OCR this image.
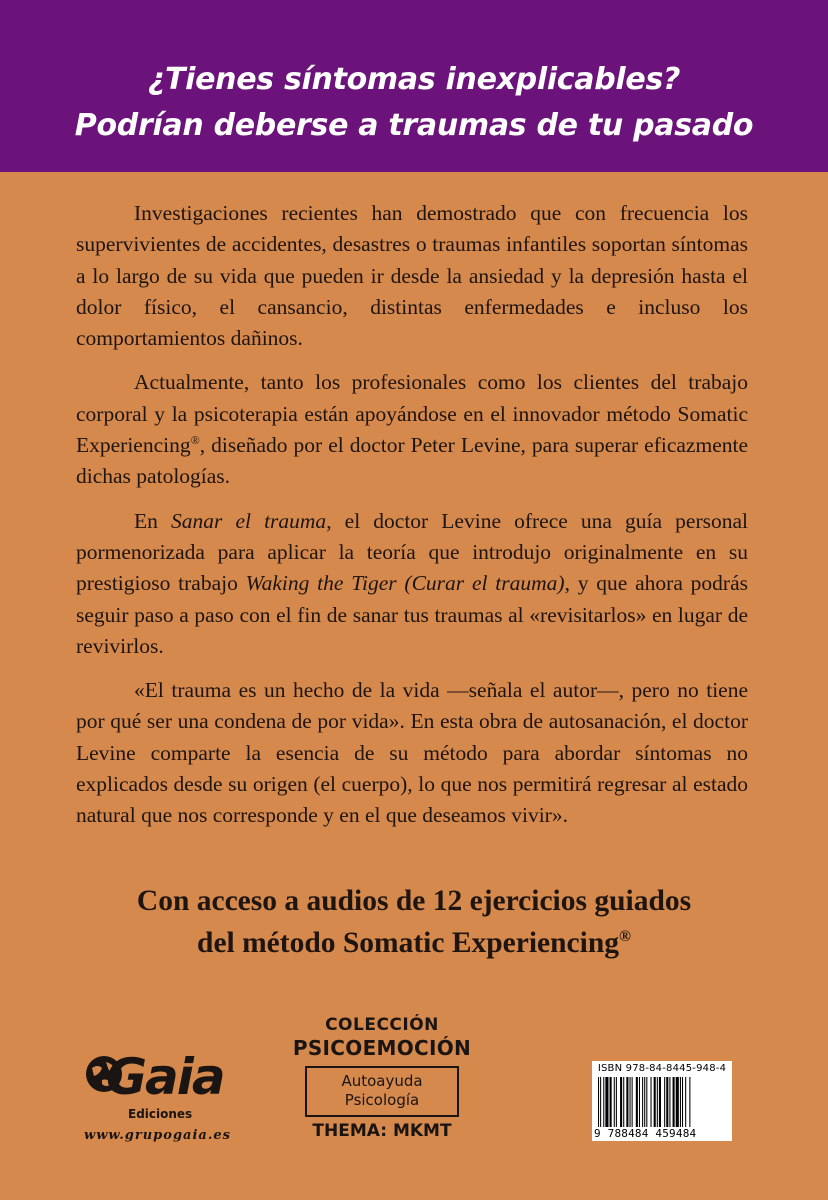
¿Tienes síntomas inexplicables?
Podrían deberse a traumas de tu pasado

Investigaciones recientes han demostrado que con frecuencia los supervivientes de accidentes, desastres o traumas infantiles soportan síntomas a lo largo de su vida que pueden ir desde la ansiedad y la depresión hasta el dolor físico, el cansancio, distintas enfermedades e incluso los comportamientos dañinos.

Actualmente, tanto los profesionales como los clientes del trabajo corporal y la psicoterapia están apoyándose en el innovador método Somatic Experiencing®, diseñado por el doctor Peter Levine, para superar eficazmente dichas patologías.

En Sanar el trauma, el doctor Levine ofrece una guía personal pormenorizada para aplicar la teoría que introdujo originalmente en su prestigioso trabajo Waking the Tiger (Curar el trauma), y que ahora podrás seguir paso a paso con el fin de sanar tus traumas al «revisitarlos» en lugar de revivirlos.

«El trauma es un hecho de la vida —señala el autor—, pero no tiene por qué ser una condena de por vida». En esta obra de autosanación, el doctor Levine comparte la esencia de su método para abordar síntomas no explicados desde su origen (el cuerpo), lo que nos permitirá regresar al estado natural que nos corresponde y en el que deseamos vivir».

Con acceso a audios de 12 ejercicios guiados
del método Somatic Experiencing®
Gaia
Ediciones
www.grupogaia.es
COLECCIÓN
PSICOEMOCIÓN
Autoayuda
Psicología
THEMA: MKMT
ISBN 978-84-8445-948-4
9 788484 459484
